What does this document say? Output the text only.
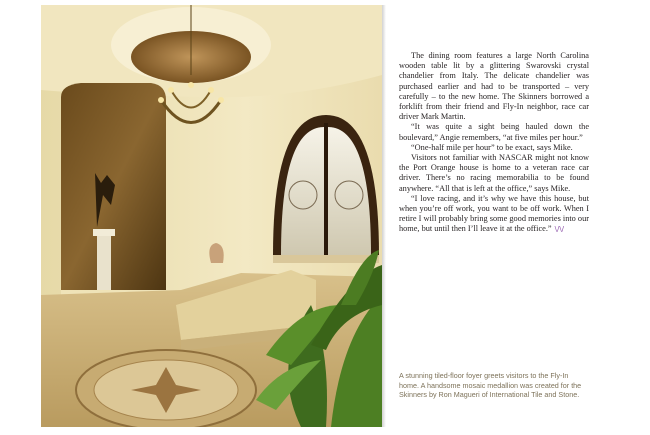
The dining room features a large North Carolina wooden table lit by a glittering Swarovski crystal chandelier from Italy. The delicate chandelier was purchased earlier and had to be transported – very carefully – to the new home. The Skinners borrowed a forklift from their friend and Fly-In neighbor, race car driver Mark Martin.

“It was quite a sight being hauled down the boulevard,” Angie remembers, “at five miles per hour.”

“One-half mile per hour” to be exact, says Mike.

Visitors not familiar with NASCAR might not know the Port Orange house is home to a veteran race car driver. There’s no racing memorabilia to be found anywhere. “All that is left at the office,” says Mike.

“I love racing, and it’s why we have this house, but when you’re off work, you want to be off work. When I retire I will probably bring some good memories into our home, but until then I’ll leave it at the office.” \/\/

A stunning tiled-floor foyer greets visitors to the Fly-In home. A handsome mosaic medallion was created for the Skinners by Ron Magueri of International Tile and Stone.
